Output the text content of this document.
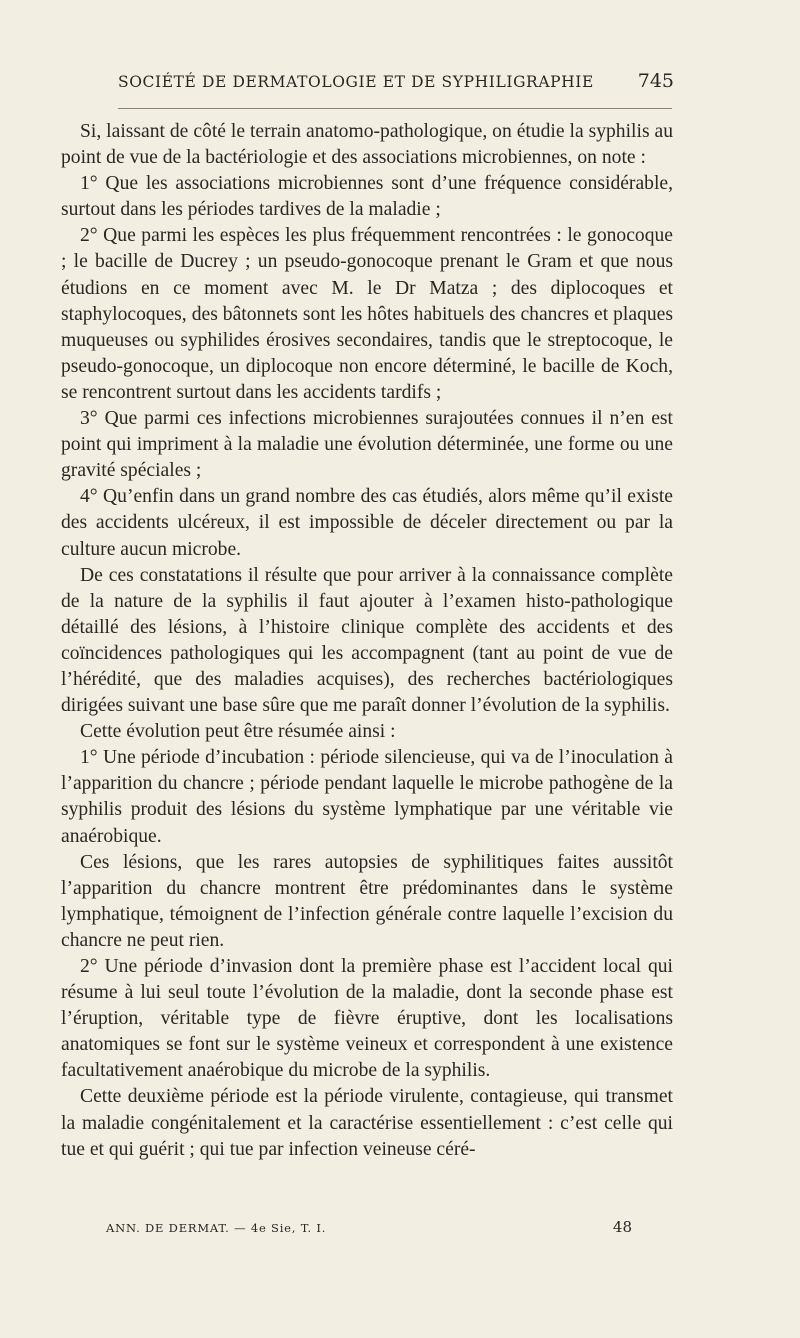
SOCIÉTÉ DE DERMATOLOGIE ET DE SYPHILIGRAPHIE 745

Si, laissant de côté le terrain anatomo-pathologique, on étudie la syphilis au point de vue de la bactériologie et des associations microbiennes, on note :

1° Que les associations microbiennes sont d’une fréquence considérable, surtout dans les périodes tardives de la maladie ;

2° Que parmi les espèces les plus fréquemment rencontrées : le gonocoque ; le bacille de Ducrey ; un pseudo-gonocoque prenant le Gram et que nous étudions en ce moment avec M. le Dr Matza ; des diplocoques et staphylocoques, des bâtonnets sont les hôtes habituels des chancres et plaques muqueuses ou syphilides érosives secondaires, tandis que le streptocoque, le pseudo-gonocoque, un diplocoque non encore déterminé, le bacille de Koch, se rencontrent surtout dans les accidents tardifs ;

3° Que parmi ces infections microbiennes surajoutées connues il n’en est point qui impriment à la maladie une évolution déterminée, une forme ou une gravité spéciales ;

4° Qu’enfin dans un grand nombre des cas étudiés, alors même qu’il existe des accidents ulcéreux, il est impossible de déceler directement ou par la culture aucun microbe.

De ces constatations il résulte que pour arriver à la connaissance complète de la nature de la syphilis il faut ajouter à l’examen histo-pathologique détaillé des lésions, à l’histoire clinique complète des accidents et des coïncidences pathologiques qui les accompagnent (tant au point de vue de l’hérédité, que des maladies acquises), des recherches bactériologiques dirigées suivant une base sûre que me paraît donner l’évolution de la syphilis.

Cette évolution peut être résumée ainsi :

1° Une période d’incubation : période silencieuse, qui va de l’inoculation à l’apparition du chancre ; période pendant laquelle le microbe pathogène de la syphilis produit des lésions du système lymphatique par une véritable vie anaérobique.

Ces lésions, que les rares autopsies de syphilitiques faites aussitôt l’apparition du chancre montrent être prédominantes dans le système lymphatique, témoignent de l’infection générale contre laquelle l’excision du chancre ne peut rien.

2° Une période d’invasion dont la première phase est l’accident local qui résume à lui seul toute l’évolution de la maladie, dont la seconde phase est l’éruption, véritable type de fièvre éruptive, dont les localisations anatomiques se font sur le système veineux et correspondent à une existence facultativement anaérobique du microbe de la syphilis.

Cette deuxième période est la période virulente, contagieuse, qui transmet la maladie congénitalement et la caractérise essentiellement : c’est celle qui tue et qui guérit ; qui tue par infection veineuse céré-

ANN. DE DERMAT. — 4e Sie, T. I.	48
